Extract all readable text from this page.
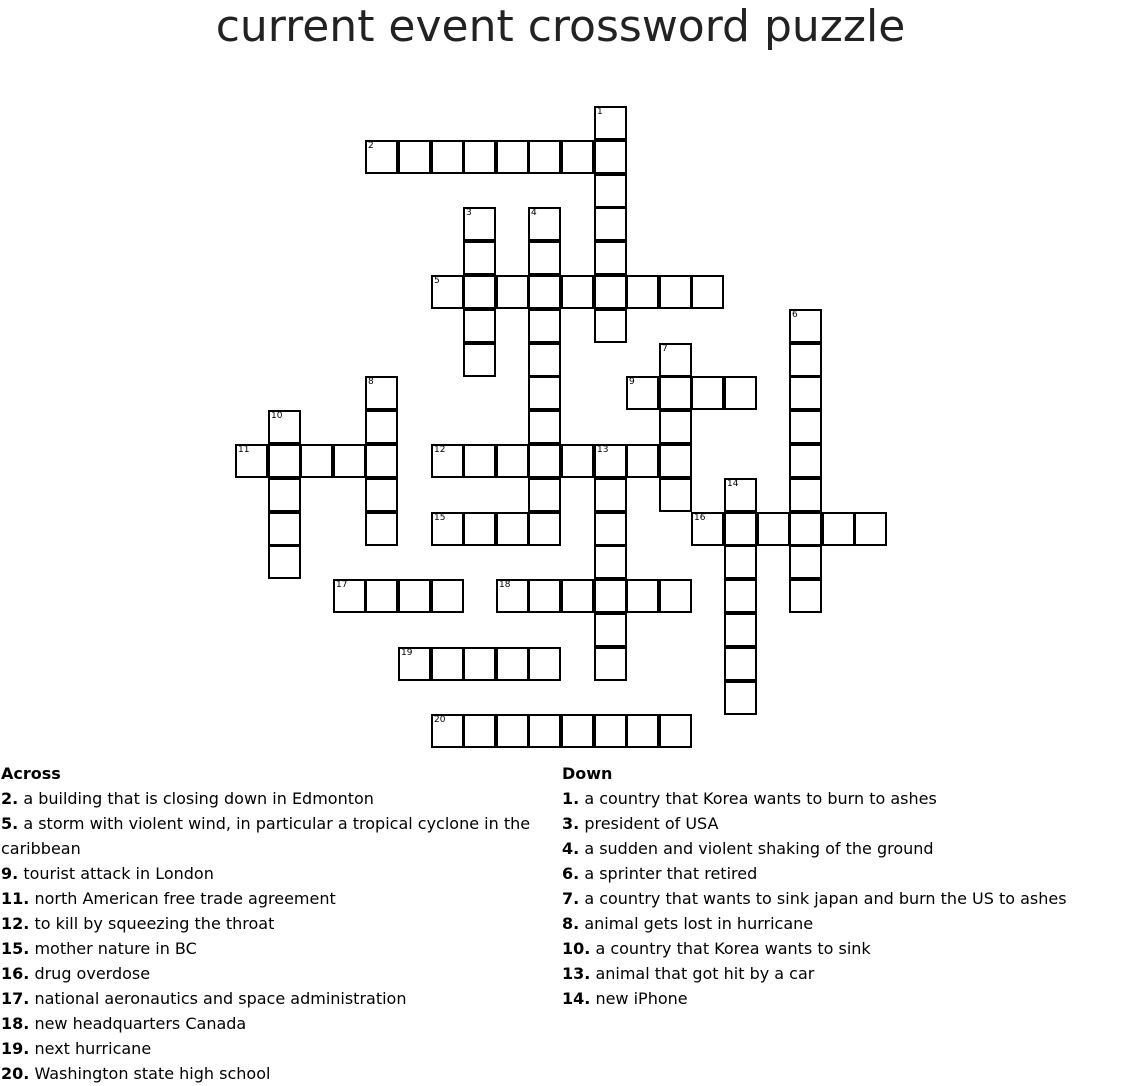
current event crossword puzzle
1
2
3	4
5
6
7
8	9
10
11	12	13
14
15	16
17	18
19
20
Across
2. a building that is closing down in Edmonton
5. a storm with violent wind, in particular a tropical cyclone in the caribbean
9. tourist attack in London
11. north American free trade agreement
12. to kill by squeezing the throat
15. mother nature in BC
16. drug overdose
17. national aeronautics and space administration
18. new headquarters Canada
19. next hurricane
20. Washington state high school
Down
1. a country that Korea wants to burn to ashes
3. president of USA
4. a sudden and violent shaking of the ground
6. a sprinter that retired
7. a country that wants to sink japan and burn the US to ashes
8. animal gets lost in hurricane
10. a country that Korea wants to sink
13. animal that got hit by a car
14. new iPhone
